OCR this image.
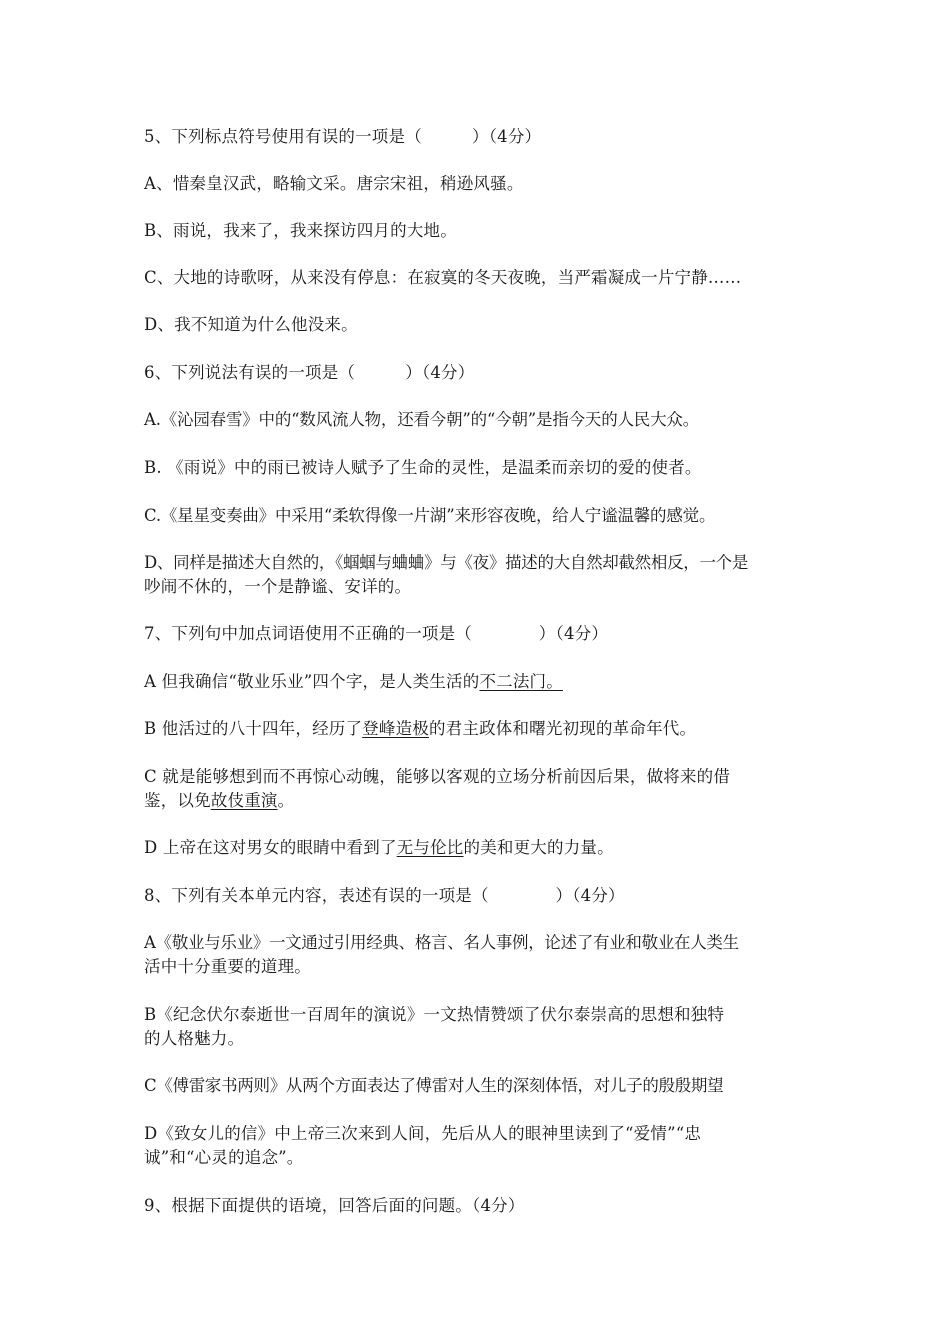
5、下列标点符号使用有误的一项是（　　　）（4分）
A、惜秦皇汉武，略输文采。唐宗宋祖，稍逊风骚。
B、雨说，我来了，我来探访四月的大地。
C、大地的诗歌呀，从来没有停息：在寂寞的冬天夜晚，当严霜凝成一片宁静……
D、我不知道为什么他没来。
6、下列说法有误的一项是（　　　）（4分）
A.《沁园春雪》中的“数风流人物，还看今朝”的“今朝”是指今天的人民大众。
B. 《雨说》中的雨已被诗人赋予了生命的灵性，是温柔而亲切的爱的使者。
C.《星星变奏曲》中采用“柔软得像一片湖”来形容夜晚，给人宁谧温馨的感觉。
D、同样是描述大自然的，《蝈蝈与蛐蛐》与《夜》描述的大自然却截然相反，一个是
吵闹不休的，一个是静谧、安详的。
7、下列句中加点词语使用不正确的一项是（　　　　）（4分）
A 但我确信“敬业乐业”四个字，是人类生活的不二法门。
B 他活过的八十四年，经历了登峰造极的君主政体和曙光初现的革命年代。
C 就是能够想到而不再惊心动魄，能够以客观的立场分析前因后果，做将来的借
鉴，以免故伎重演。
D 上帝在这对男女的眼睛中看到了无与伦比的美和更大的力量。
8、下列有关本单元内容，表述有误的一项是（　　　　）（4分）
A《敬业与乐业》一文通过引用经典、格言、名人事例，论述了有业和敬业在人类生
活中十分重要的道理。
B《纪念伏尔泰逝世一百周年的演说》一文热情赞颂了伏尔泰崇高的思想和独特
的人格魅力。
C《傅雷家书两则》从两个方面表达了傅雷对人生的深刻体悟，对儿子的殷殷期望
D《致女儿的信》中上帝三次来到人间，先后从人的眼神里读到了“爱情”“忠
诚”和“心灵的追念”。
9、根据下面提供的语境，回答后面的问题。（4分）
